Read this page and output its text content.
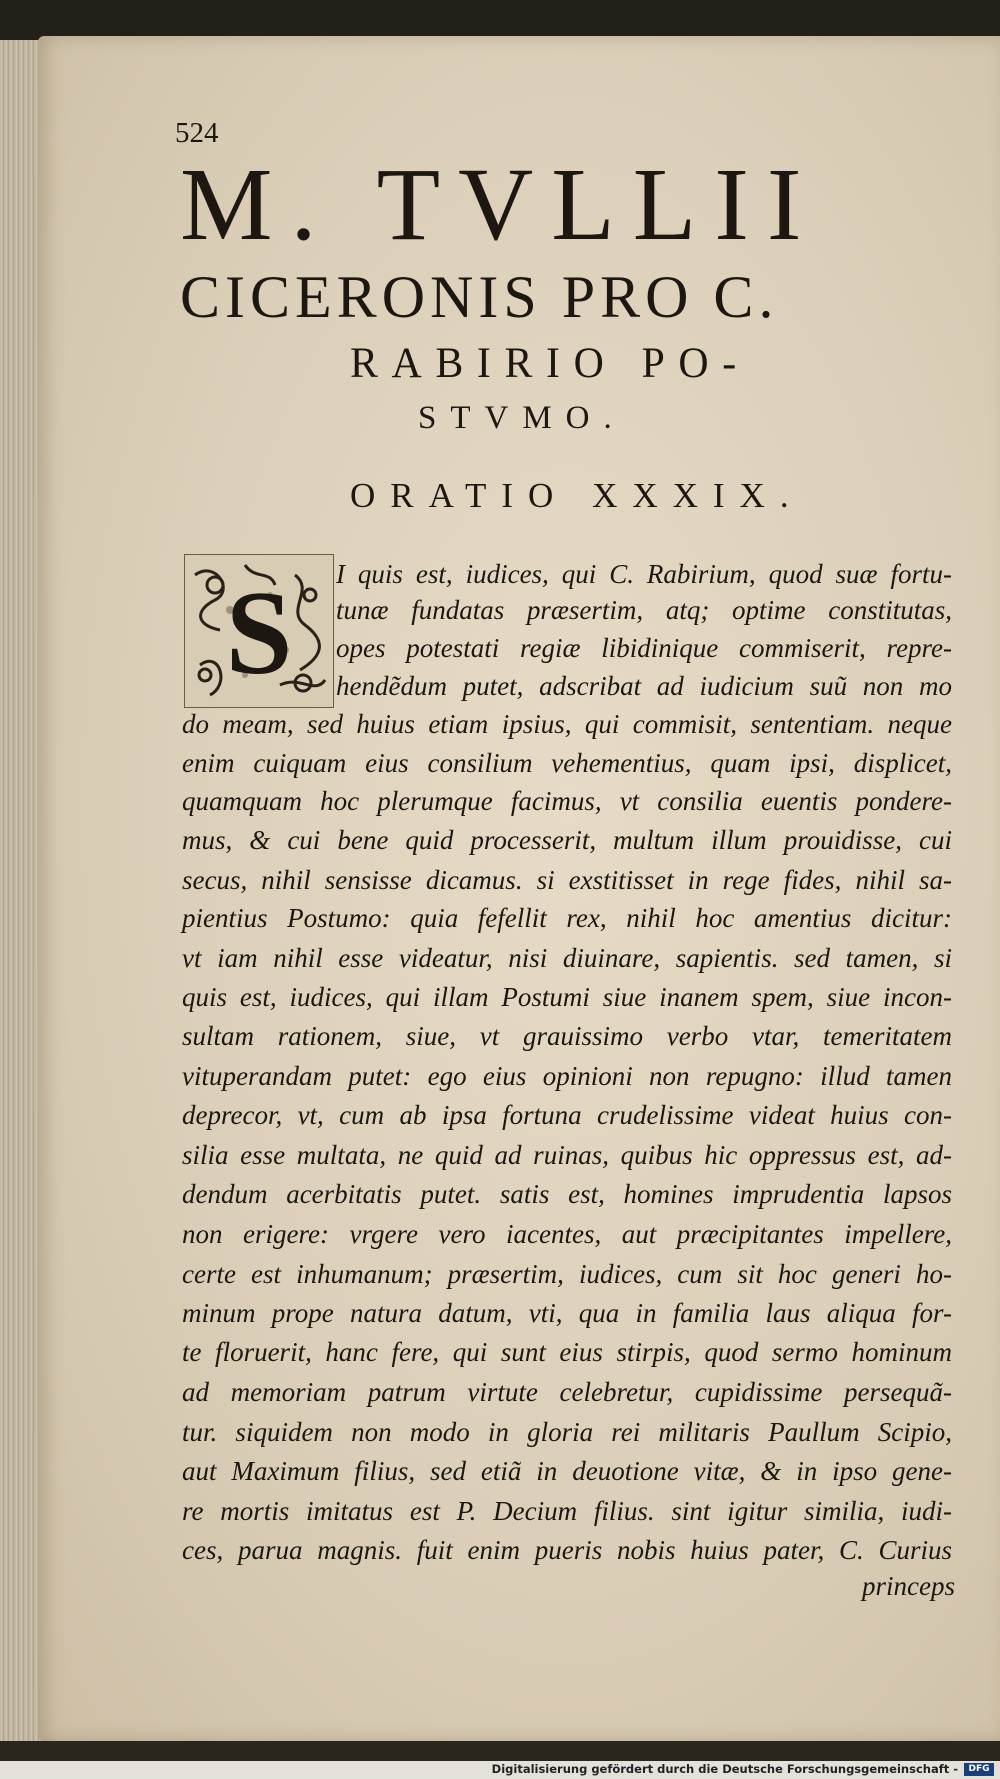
524
M. TVLLII
CICERONIS PRO C.
RABIRIO PO-
STVMO.
ORATIO XXXIX.
S I quis est, iudices, qui C. Rabirium, quod suæ fortu-
tunæ fundatas præsertim, atq; optime constitutas,
opes potestati regiæ libidinique commiserit, repre-
hendẽdum putet, adscribat ad iudicium suũ non mo
do meam, sed huius etiam ipsius, qui commisit, sententiam. neque
enim cuiquam eius consilium vehementius, quam ipsi, displicet,
quamquam hoc plerumque facimus, vt consilia euentis pondere-
mus, & cui bene quid processerit, multum illum prouidisse, cui
secus, nihil sensisse dicamus. si exstitisset in rege fides, nihil sa-
pientius Postumo: quia fefellit rex, nihil hoc amentius dicitur:
vt iam nihil esse videatur, nisi diuinare, sapientis. sed tamen, si
quis est, iudices, qui illam Postumi siue inanem spem, siue incon-
sultam rationem, siue, vt grauissimo verbo vtar, temeritatem
vituperandam putet: ego eius opinioni non repugno: illud tamen
deprecor, vt, cum ab ipsa fortuna crudelissime videat huius con-
silia esse multata, ne quid ad ruinas, quibus hic oppressus est, ad-
dendum acerbitatis putet. satis est, homines imprudentia lapsos
non erigere: vrgere vero iacentes, aut præcipitantes impellere,
certe est inhumanum; præsertim, iudices, cum sit hoc generi ho-
minum prope natura datum, vti, qua in familia laus aliqua for-
te floruerit, hanc fere, qui sunt eius stirpis, quod sermo hominum
ad memoriam patrum virtute celebretur, cupidissime persequã-
tur. siquidem non modo in gloria rei militaris Paullum Scipio,
aut Maximum filius, sed etiã in deuotione vitæ, & in ipso gene-
re mortis imitatus est P. Decium filius. sint igitur similia, iudi-
ces, parua magnis. fuit enim pueris nobis huius pater, C. Curius
princeps
Digitalisierung gefördert durch die Deutsche Forschungsgemeinschaft -	DFG
